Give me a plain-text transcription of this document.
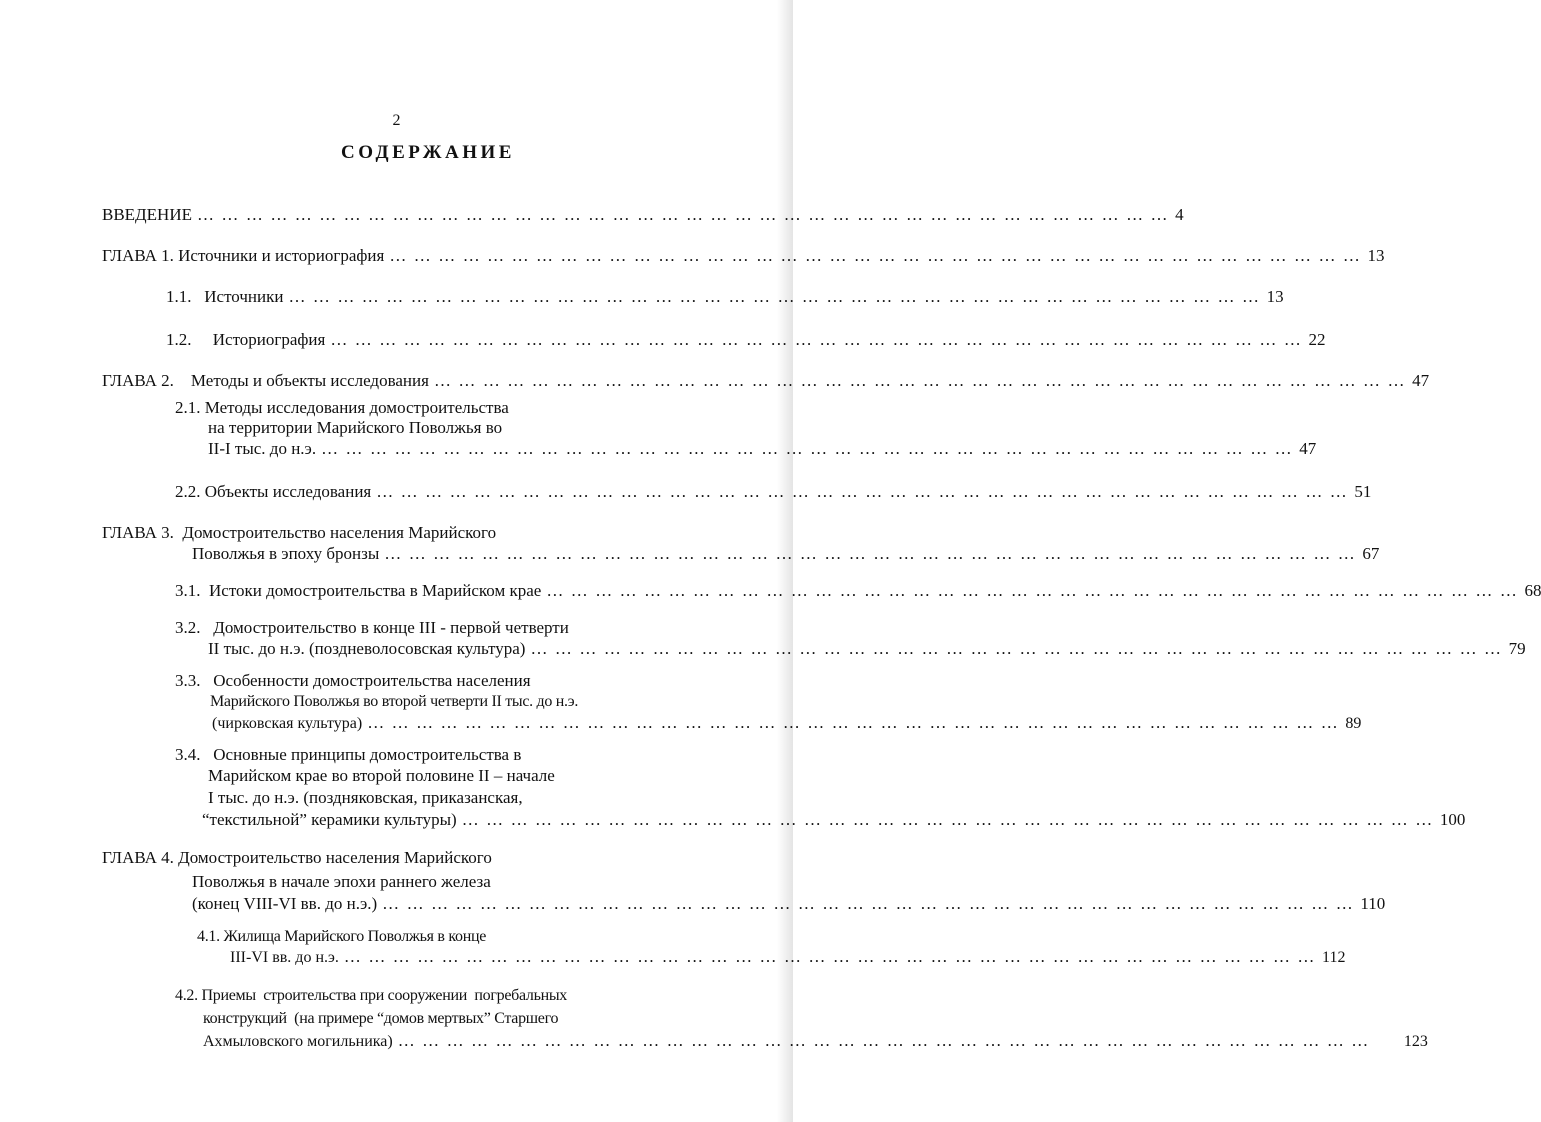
2
СОДЕРЖАНИЕ
ВВЕДЕНИЕ … … … … … … … … … … … … … … … … … … … … … … … … … … … … … … … … … … … … … … … … 4
ГЛАВА 1. Источники и историография … … … … … … … … … … … … … … … … … … … … … … … … … … … … … … … … … … … … … … … … 13
1.1.   Источники … … … … … … … … … … … … … … … … … … … … … … … … … … … … … … … … … … … … … … … … 13
1.2.     Историография … … … … … … … … … … … … … … … … … … … … … … … … … … … … … … … … … … … … … … … … 22
ГЛАВА 2.    Методы и объекты исследования … … … … … … … … … … … … … … … … … … … … … … … … … … … … … … … … … … … … … … … … 47
2.1. Методы исследования домостроительства
на территории Марийского Поволжья во
II-I тыс. до н.э. … … … … … … … … … … … … … … … … … … … … … … … … … … … … … … … … … … … … … … … … 47
2.2. Объекты исследования … … … … … … … … … … … … … … … … … … … … … … … … … … … … … … … … … … … … … … … … 51
ГЛАВА 3.  Домостроительство населения Марийского
Поволжья в эпоху бронзы … … … … … … … … … … … … … … … … … … … … … … … … … … … … … … … … … … … … … … … … 67
3.1.  Истоки домостроительства в Марийском крае … … … … … … … … … … … … … … … … … … … … … … … … … … … … … … … … … … … … … … … … 68
3.2.   Домостроительство в конце III - первой четверти
II тыс. до н.э. (поздневолосовская культура) … … … … … … … … … … … … … … … … … … … … … … … … … … … … … … … … … … … … … … … … 79
3.3.   Особенности домостроительства населения
Марийского Поволжья во второй четверти II тыс. до н.э.
(чирковская культура) … … … … … … … … … … … … … … … … … … … … … … … … … … … … … … … … … … … … … … … … 89
3.4.   Основные принципы домостроительства в
Марийском крае во второй половине II – начале
I тыс. до н.э. (поздняковская, приказанская,
“текстильной” керамики культуры) … … … … … … … … … … … … … … … … … … … … … … … … … … … … … … … … … … … … … … … … 100
ГЛАВА 4. Домостроительство населения Марийского
Поволжья в начале эпохи раннего железа
(конец VIII-VI вв. до н.э.) … … … … … … … … … … … … … … … … … … … … … … … … … … … … … … … … … … … … … … … … 110
4.1. Жилища Марийского Поволжья в конце
III-VI вв. до н.э. … … … … … … … … … … … … … … … … … … … … … … … … … … … … … … … … … … … … … … … … 112
4.2. Приемы  строительства при сооружении  погребальных
конструкций  (на примере “домов мертвых” Старшего
Ахмыловского могильника) … … … … … … … … … … … … … … … … … … … … … … … … … … … … … … … … … … … … … … … …	123
